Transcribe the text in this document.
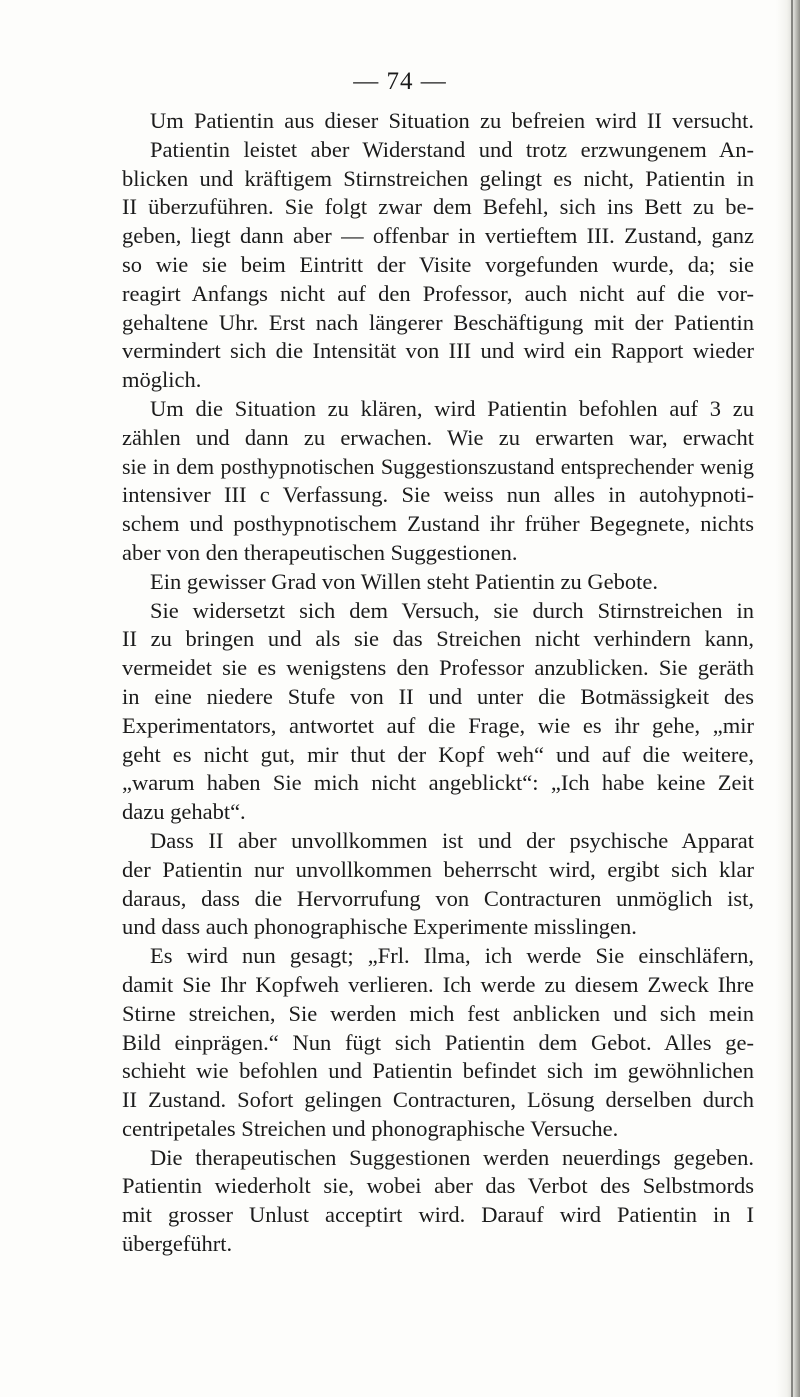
— 74 —
Um Patientin aus dieser Situation zu befreien wird II versucht.
Patientin leistet aber Widerstand und trotz erzwungenem An-
blicken und kräftigem Stirnstreichen gelingt es nicht, Patientin in
II überzuführen. Sie folgt zwar dem Befehl, sich ins Bett zu be-
geben, liegt dann aber — offenbar in vertieftem III. Zustand, ganz
so wie sie beim Eintritt der Visite vorgefunden wurde, da; sie
reagirt Anfangs nicht auf den Professor, auch nicht auf die vor-
gehaltene Uhr. Erst nach längerer Beschäftigung mit der Patientin
vermindert sich die Intensität von III und wird ein Rapport wieder
möglich.
Um die Situation zu klären, wird Patientin befohlen auf 3 zu
zählen und dann zu erwachen. Wie zu erwarten war, erwacht
sie in dem posthypnotischen Suggestionszustand entsprechender wenig
intensiver III c Verfassung. Sie weiss nun alles in autohypnoti-
schem und posthypnotischem Zustand ihr früher Begegnete, nichts
aber von den therapeutischen Suggestionen.
Ein gewisser Grad von Willen steht Patientin zu Gebote.
Sie widersetzt sich dem Versuch, sie durch Stirnstreichen in
II zu bringen und als sie das Streichen nicht verhindern kann,
vermeidet sie es wenigstens den Professor anzublicken. Sie geräth
in eine niedere Stufe von II und unter die Botmässigkeit des
Experimentators, antwortet auf die Frage, wie es ihr gehe, „mir
geht es nicht gut, mir thut der Kopf weh“ und auf die weitere,
„warum haben Sie mich nicht angeblickt“: „Ich habe keine Zeit
dazu gehabt“.
Dass II aber unvollkommen ist und der psychische Apparat
der Patientin nur unvollkommen beherrscht wird, ergibt sich klar
daraus, dass die Hervorrufung von Contracturen unmöglich ist,
und dass auch phonographische Experimente misslingen.
Es wird nun gesagt; „Frl. Ilma, ich werde Sie einschläfern,
damit Sie Ihr Kopfweh verlieren. Ich werde zu diesem Zweck Ihre
Stirne streichen, Sie werden mich fest anblicken und sich mein
Bild einprägen.“ Nun fügt sich Patientin dem Gebot. Alles ge-
schieht wie befohlen und Patientin befindet sich im gewöhnlichen
II Zustand. Sofort gelingen Contracturen, Lösung derselben durch
centripetales Streichen und phonographische Versuche.
Die therapeutischen Suggestionen werden neuerdings gegeben.
Patientin wiederholt sie, wobei aber das Verbot des Selbstmords
mit grosser Unlust acceptirt wird. Darauf wird Patientin in I
übergeführt.
